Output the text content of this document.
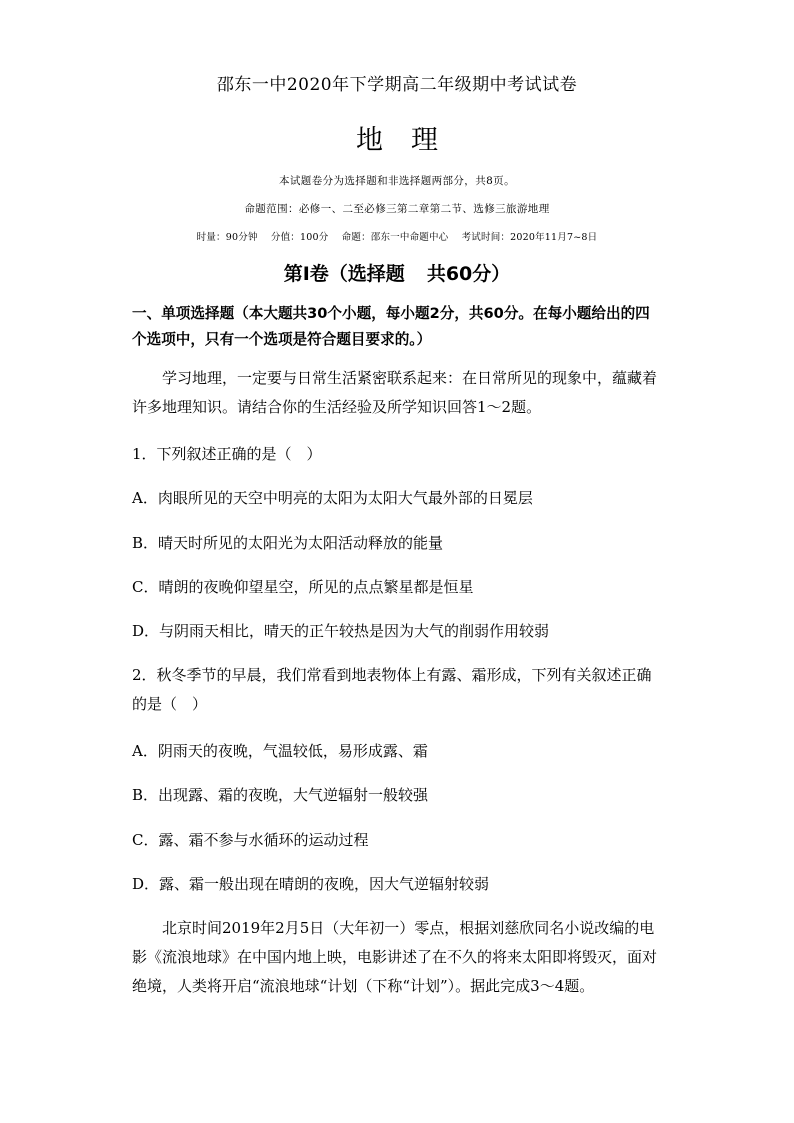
邵东一中2020年下学期高二年级期中考试试卷
地理
本试题卷分为选择题和非选择题两部分，共8页。
命题范围：必修一、二至必修三第二章第二节、选修三旅游地理
时量：90分钟 分值：100分 命题：邵东一中命题中心 考试时间：2020年11月7~8日
第Ⅰ卷（选择题 共60分）
一、单项选择题（本大题共30个小题，每小题2分，共60分。在每小题给出的四个选项中，只有一个选项是符合题目要求的。）
学习地理，一定要与日常生活紧密联系起来：在日常所见的现象中，蕴藏着许多地理知识。请结合你的生活经验及所学知识回答1～2题。
1．下列叙述正确的是（　）
A．肉眼所见的天空中明亮的太阳为太阳大气最外部的日冕层
B．晴天时所见的太阳光为太阳活动释放的能量
C．晴朗的夜晚仰望星空，所见的点点繁星都是恒星
D．与阴雨天相比，晴天的正午较热是因为大气的削弱作用较弱
2．秋冬季节的早晨，我们常看到地表物体上有露、霜形成，下列有关叙述正确的是（　）
A．阴雨天的夜晚，气温较低，易形成露、霜
B．出现露、霜的夜晚，大气逆辐射一般较强
C．露、霜不参与水循环的运动过程
D．露、霜一般出现在晴朗的夜晚，因大气逆辐射较弱
北京时间2019年2月5日（大年初一）零点，根据刘慈欣同名小说改编的电影《流浪地球》在中国内地上映，电影讲述了在不久的将来太阳即将毁灭，面对绝境，人类将开启“流浪地球“计划（下称“计划”）。据此完成3～4题。
